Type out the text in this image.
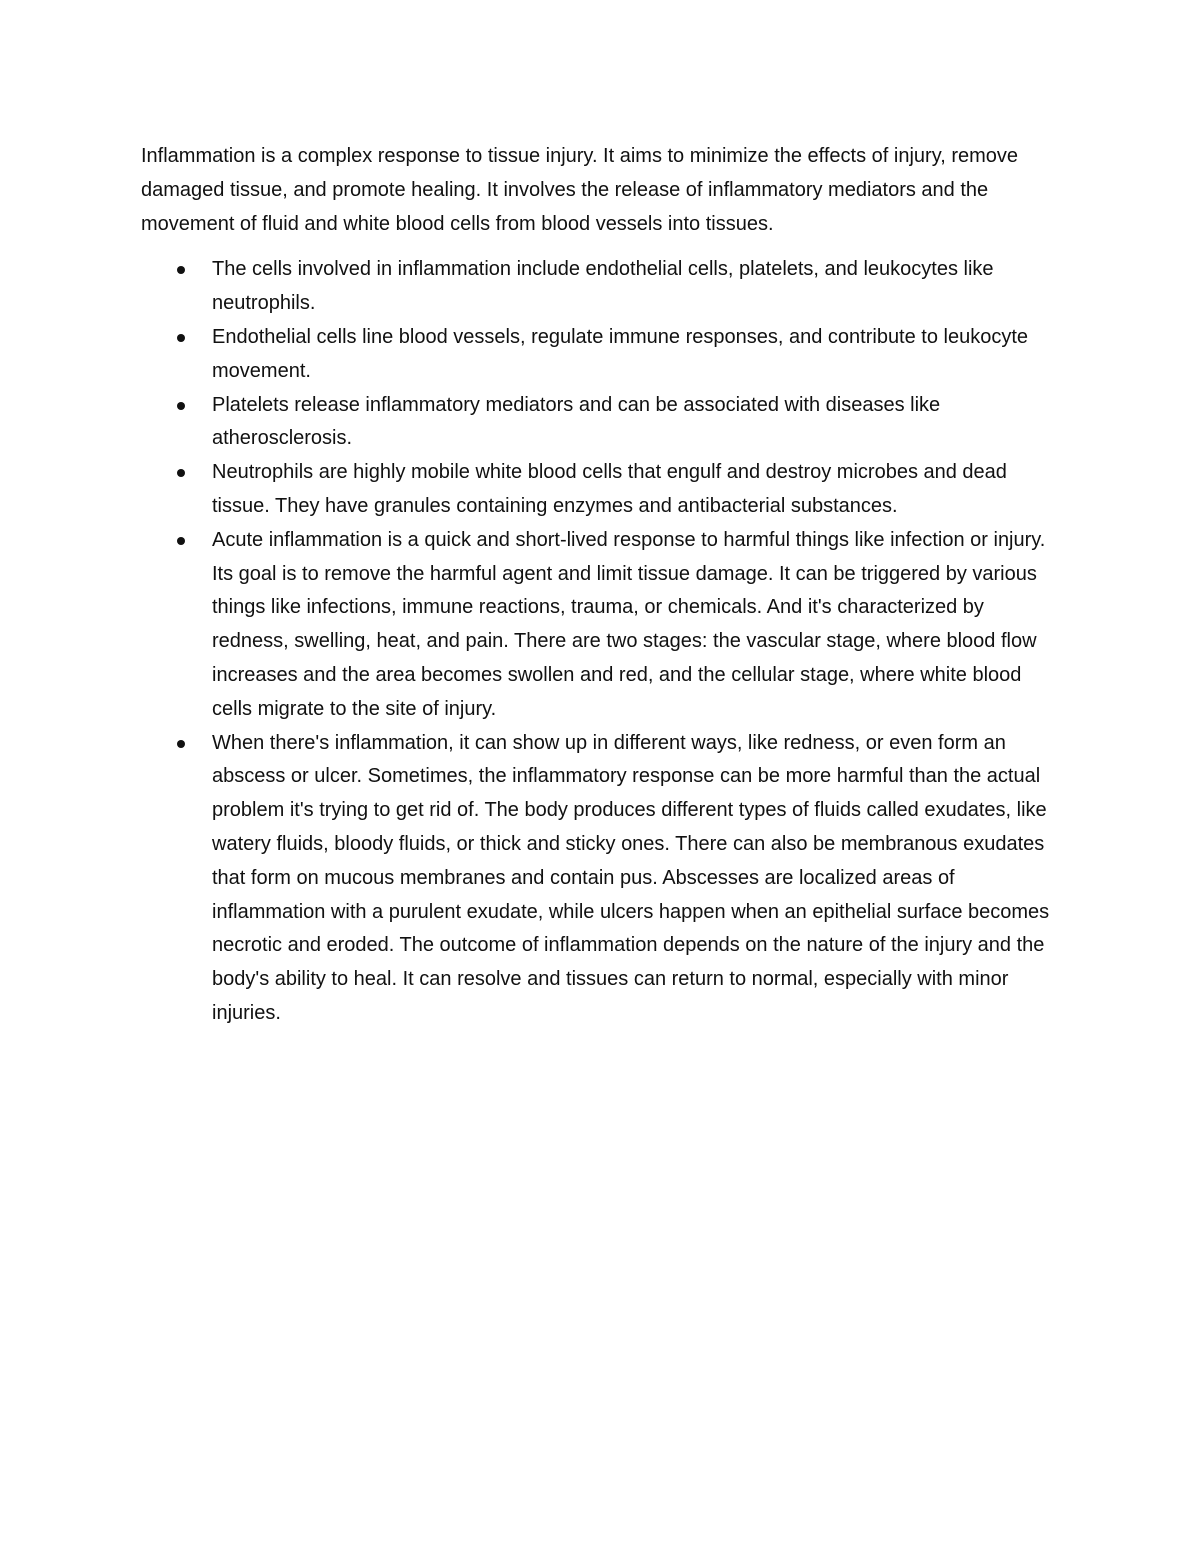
Inflammation is a complex response to tissue injury. It aims to minimize the effects of injury, remove damaged tissue, and promote healing. It involves the release of inflammatory mediators and the movement of fluid and white blood cells from blood vessels into tissues.

The cells involved in inflammation include endothelial cells, platelets, and leukocytes like neutrophils.
Endothelial cells line blood vessels, regulate immune responses, and contribute to leukocyte movement.
Platelets release inflammatory mediators and can be associated with diseases like atherosclerosis.
Neutrophils are highly mobile white blood cells that engulf and destroy microbes and dead tissue. They have granules containing enzymes and antibacterial substances.
Acute inflammation is a quick and short-lived response to harmful things like infection or injury. Its goal is to remove the harmful agent and limit tissue damage. It can be triggered by various things like infections, immune reactions, trauma, or chemicals. And it's characterized by redness, swelling, heat, and pain. There are two stages: the vascular stage, where blood flow increases and the area becomes swollen and red, and the cellular stage, where white blood cells migrate to the site of injury.
When there's inflammation, it can show up in different ways, like redness, or even form an abscess or ulcer. Sometimes, the inflammatory response can be more harmful than the actual problem it's trying to get rid of. The body produces different types of fluids called exudates, like watery fluids, bloody fluids, or thick and sticky ones. There can also be membranous exudates that form on mucous membranes and contain pus. Abscesses are localized areas of inflammation with a purulent exudate, while ulcers happen when an epithelial surface becomes necrotic and eroded. The outcome of inflammation depends on the nature of the injury and the body's ability to heal. It can resolve and tissues can return to normal, especially with minor injuries.
